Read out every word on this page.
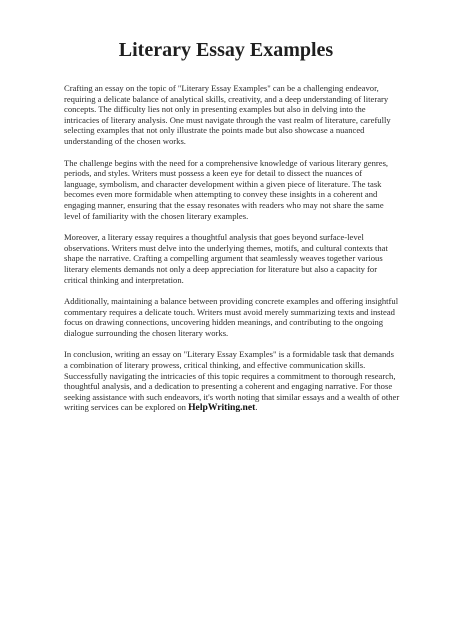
Literary Essay Examples

Crafting an essay on the topic of "Literary Essay Examples" can be a challenging endeavor,
requiring a delicate balance of analytical skills, creativity, and a deep understanding of literary
concepts. The difficulty lies not only in presenting examples but also in delving into the
intricacies of literary analysis. One must navigate through the vast realm of literature, carefully
selecting examples that not only illustrate the points made but also showcase a nuanced
understanding of the chosen works.

The challenge begins with the need for a comprehensive knowledge of various literary genres,
periods, and styles. Writers must possess a keen eye for detail to dissect the nuances of
language, symbolism, and character development within a given piece of literature. The task
becomes even more formidable when attempting to convey these insights in a coherent and
engaging manner, ensuring that the essay resonates with readers who may not share the same
level of familiarity with the chosen literary examples.

Moreover, a literary essay requires a thoughtful analysis that goes beyond surface-level
observations. Writers must delve into the underlying themes, motifs, and cultural contexts that
shape the narrative. Crafting a compelling argument that seamlessly weaves together various
literary elements demands not only a deep appreciation for literature but also a capacity for
critical thinking and interpretation.

Additionally, maintaining a balance between providing concrete examples and offering insightful
commentary requires a delicate touch. Writers must avoid merely summarizing texts and instead
focus on drawing connections, uncovering hidden meanings, and contributing to the ongoing
dialogue surrounding the chosen literary works.

In conclusion, writing an essay on "Literary Essay Examples" is a formidable task that demands
a combination of literary prowess, critical thinking, and effective communication skills.
Successfully navigating the intricacies of this topic requires a commitment to thorough research,
thoughtful analysis, and a dedication to presenting a coherent and engaging narrative. For those
seeking assistance with such endeavors, it's worth noting that similar essays and a wealth of other
writing services can be explored on HelpWriting.net.
